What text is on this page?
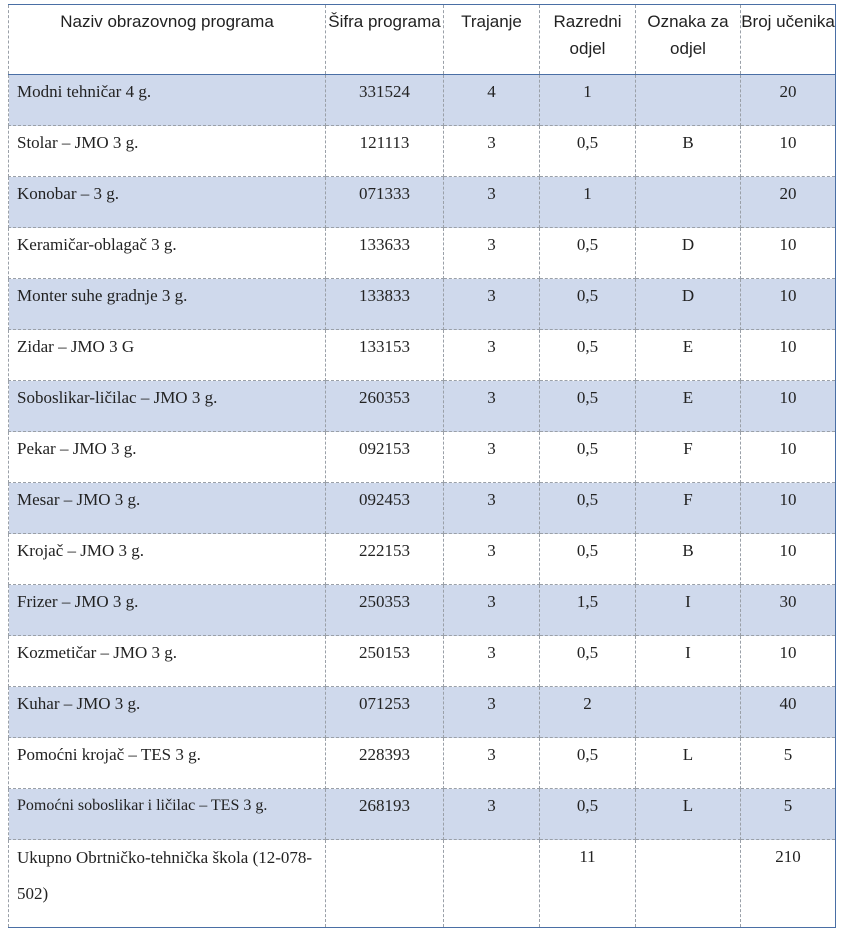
Naziv obrazovnog programa	Šifra programa	Trajanje	Razredni odjel	Oznaka za odjel	Broj učenika
Modni tehničar 4 g.	331524	4	1		20
Stolar – JMO 3 g.	121113	3	0,5	B	10
Konobar – 3 g.	071333	3	1		20
Keramičar-oblagač 3 g.	133633	3	0,5	D	10
Monter suhe gradnje 3 g.	133833	3	0,5	D	10
Zidar – JMO 3 G	133153	3	0,5	E	10
Soboslikar-ličilac – JMO 3 g.	260353	3	0,5	E	10
Pekar – JMO 3 g.	092153	3	0,5	F	10
Mesar – JMO 3 g.	092453	3	0,5	F	10
Krojač – JMO 3 g.	222153	3	0,5	B	10
Frizer – JMO 3 g.	250353	3	1,5	I	30
Kozmetičar – JMO 3 g.	250153	3	0,5	I	10
Kuhar – JMO 3 g.	071253	3	2		40
Pomoćni krojač – TES 3 g.	228393	3	0,5	L	5
Pomoćni soboslikar i ličilac – TES 3 g.	268193	3	0,5	L	5
Ukupno Obrtničko-tehnička škola (12-078-502)			11		210
